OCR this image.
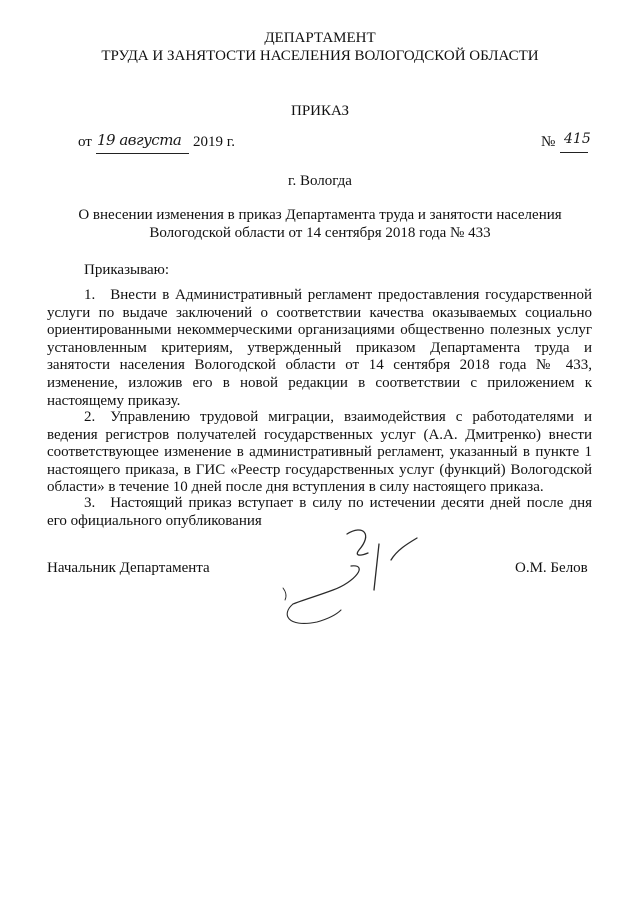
ДЕПАРТАМЕНТ
ТРУДА И ЗАНЯТОСТИ НАСЕЛЕНИЯ ВОЛОГОДСКОЙ ОБЛАСТИ
ПРИКАЗ
от 19 августа 2019 г.	№ 415
г. Вологда
О внесении изменения в приказ Департамента труда и занятости населения
Вологодской области от 14 сентября 2018 года № 433
Приказываю:
1. Внести в Административный регламент предоставления государственной услуги по выдаче заключений о соответствии качества оказываемых социально ориентированными некоммерческими организациями общественно полезных услуг установленным критериям, утвержденный приказом Департамента труда и занятости населения Вологодской области от 14 сентября 2018 года № 433, изменение, изложив его в новой редакции в соответствии с приложением к настоящему приказу.
2. Управлению трудовой миграции, взаимодействия с работодателями и ведения регистров получателей государственных услуг (А.А. Дмитренко) внести соответствующее изменение в административный регламент, указанный в пункте 1 настоящего приказа, в ГИС «Реестр государственных услуг (функций) Вологодской области» в течение 10 дней после дня вступления в силу настоящего приказа.
3. Настоящий приказ вступает в силу по истечении десяти дней после дня его официального опубликования
Начальник Департамента	О.М. Белов
